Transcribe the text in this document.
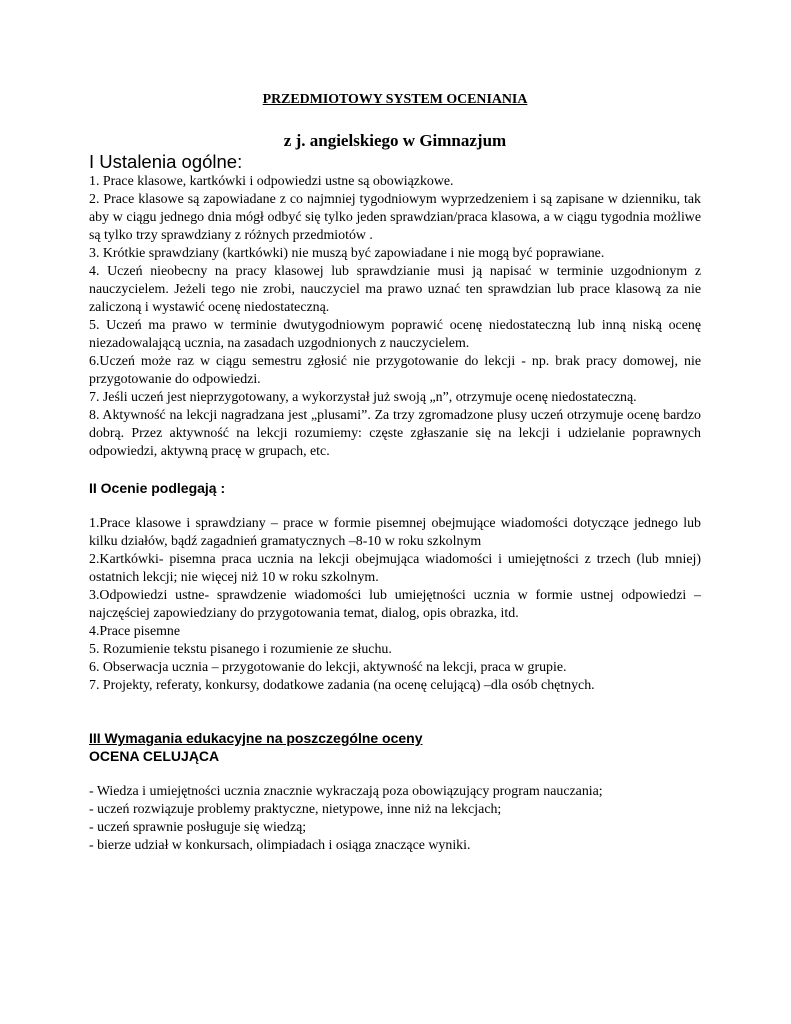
PRZEDMIOTOWY SYSTEM OCENIANIA

z j. angielskiego w Gimnazjum

I Ustalenia ogólne:

1. Prace klasowe, kartkówki i odpowiedzi ustne są obowiązkowe.

2. Prace klasowe są zapowiadane z co najmniej tygodniowym wyprzedzeniem i są zapisane w dzienniku, tak aby w ciągu jednego dnia mógł odbyć się tylko jeden sprawdzian/praca klasowa, a w ciągu tygodnia możliwe są tylko trzy sprawdziany z różnych przedmiotów .

3. Krótkie sprawdziany (kartkówki) nie muszą być zapowiadane i nie mogą być poprawiane.

4. Uczeń nieobecny na pracy klasowej lub sprawdzianie musi ją napisać w terminie uzgodnionym z nauczycielem. Jeżeli tego nie zrobi, nauczyciel ma prawo uznać ten sprawdzian lub prace klasową za nie zaliczoną i wystawić ocenę niedostateczną.

5. Uczeń ma prawo w terminie dwutygodniowym poprawić ocenę niedostateczną lub inną niską ocenę niezadowalającą ucznia, na zasadach uzgodnionych z nauczycielem.

6.Uczeń może raz w ciągu semestru zgłosić nie przygotowanie do lekcji - np. brak pracy domowej, nie przygotowanie do odpowiedzi.

7. Jeśli uczeń jest nieprzygotowany, a wykorzystał już swoją „n”, otrzymuje ocenę niedostateczną.

8. Aktywność na lekcji nagradzana jest „plusami”. Za trzy zgromadzone plusy uczeń otrzymuje ocenę bardzo dobrą. Przez aktywność na lekcji rozumiemy: częste zgłaszanie się na lekcji i udzielanie poprawnych odpowiedzi, aktywną pracę w grupach, etc.

II Ocenie podlegają :

1.Prace klasowe i sprawdziany – prace w formie pisemnej obejmujące wiadomości dotyczące jednego lub kilku działów, bądź zagadnień gramatycznych –8-10 w roku szkolnym

2.Kartkówki- pisemna praca ucznia na lekcji obejmująca wiadomości i umiejętności z trzech (lub mniej) ostatnich lekcji; nie więcej niż 10 w roku szkolnym.

3.Odpowiedzi ustne- sprawdzenie wiadomości lub umiejętności ucznia w formie ustnej odpowiedzi – najczęściej zapowiedziany do przygotowania temat, dialog, opis obrazka, itd.

4.Prace pisemne

5. Rozumienie tekstu pisanego i rozumienie ze słuchu.

6. Obserwacja ucznia – przygotowanie do lekcji, aktywność na lekcji, praca w grupie.

7. Projekty, referaty, konkursy, dodatkowe zadania (na ocenę celującą) –dla osób chętnych.

III Wymagania edukacyjne na poszczególne oceny

OCENA CELUJĄCA

- Wiedza i umiejętności ucznia znacznie wykraczają poza obowiązujący program nauczania;

- uczeń rozwiązuje problemy praktyczne, nietypowe, inne niż na lekcjach;

- uczeń sprawnie posługuje się wiedzą;

- bierze udział w konkursach, olimpiadach i osiąga znaczące wyniki.
